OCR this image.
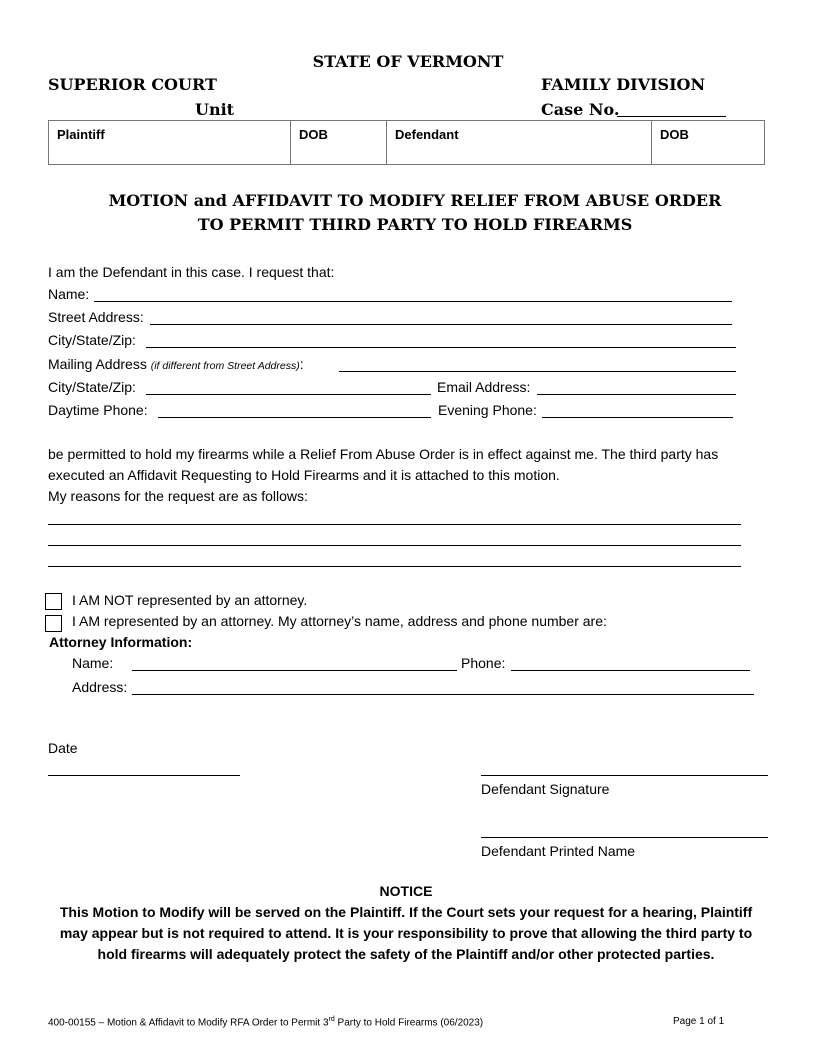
STATE OF VERMONT
SUPERIOR COURT
Unit
FAMILY DIVISION
Case No.
Plaintiff	DOB	Defendant	DOB
MOTION and AFFIDAVIT TO MODIFY RELIEF FROM ABUSE ORDER
TO PERMIT THIRD PARTY TO HOLD FIREARMS
I am the Defendant in this case. I request that:
Name:
Street Address:
City/State/Zip:
Mailing Address (if different from Street Address):
City/State/Zip:	Email Address:
Daytime Phone:	Evening Phone:
be permitted to hold my firearms while a Relief From Abuse Order is in effect against me. The third party has
executed an Affidavit Requesting to Hold Firearms and it is attached to this motion.
My reasons for the request are as follows:
I AM NOT represented by an attorney.
I AM represented by an attorney. My attorney’s name, address and phone number are:
Attorney Information:
Name:	Phone:
Address:
Date
Defendant Signature
Defendant Printed Name
NOTICE
This Motion to Modify will be served on the Plaintiff. If the Court sets your request for a hearing, Plaintiff
may appear but is not required to attend. It is your responsibility to prove that allowing the third party to
hold firearms will adequately protect the safety of the Plaintiff and/or other protected parties.
400-00155 – Motion & Affidavit to Modify RFA Order to Permit 3rd Party to Hold Firearms (06/2023)	Page 1 of 1
